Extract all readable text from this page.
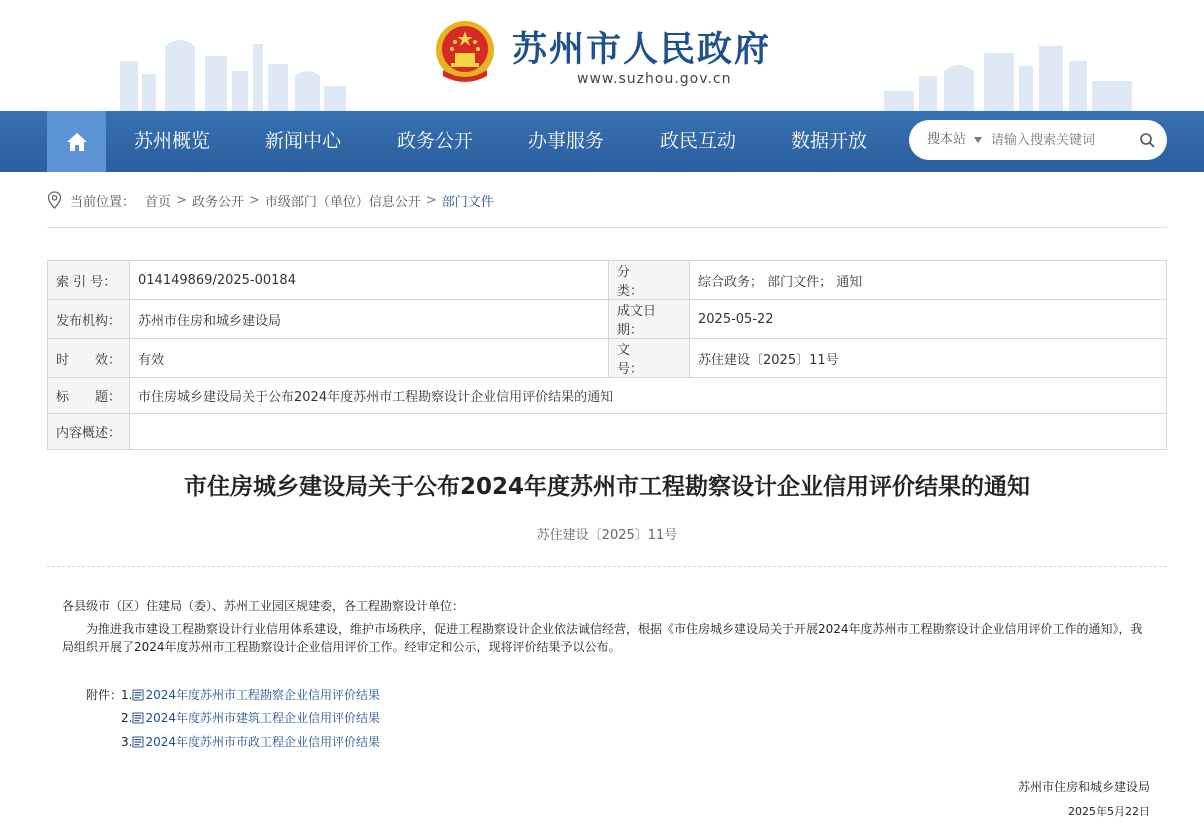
苏州市人民政府
www.suzhou.gov.cn
苏州概览	新闻中心	政务公开	办事服务	政民互动	数据开放	搜本站
请输入搜索关键词
当前位置： 首页 > 政务公开 > 市级部门（单位）信息公开 > 部门文件
索 引 号：	014149869/2025-00184	分　　类：	综合政务； 部门文件； 通知
发布机构：	苏州市住房和城乡建设局	成文日期：	2025-05-22
时　　效：	有效	文　　号：	苏住建设〔2025〕11号
标　　题：	市住房城乡建设局关于公布2024年度苏州市工程勘察设计企业信用评价结果的通知		
内容概述：			
市住房城乡建设局关于公布2024年度苏州市工程勘察设计企业信用评价结果的通知
苏住建设〔2025〕11号
各县级市（区）住建局（委）、苏州工业园区规建委，各工程勘察设计单位：
为推进我市建设工程勘察设计行业信用体系建设，维护市场秩序，促进工程勘察设计企业依法诚信经营，根据《市住房城乡建设局关于开展2024年度苏州市工程勘察设计企业信用评价工作的通知》，我局组织开展了2024年度苏州市工程勘察设计企业信用评价工作。经审定和公示，现将评价结果予以公布。
附件：
1. 2024年度苏州市工程勘察企业信用评价结果
2. 2024年度苏州市建筑工程企业信用评价结果
3. 2024年度苏州市市政工程企业信用评价结果
苏州市住房和城乡建设局
2025年5月22日
